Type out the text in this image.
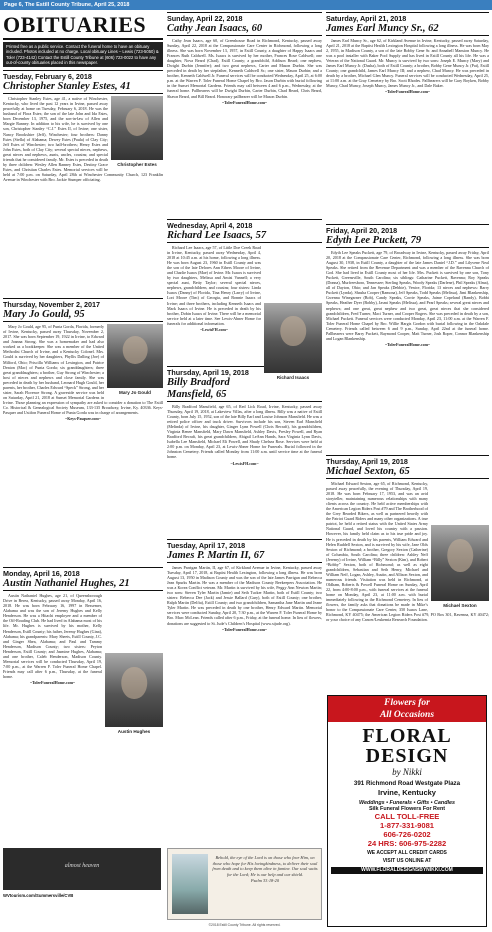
Page 6, The Estill County Tribune, April 25, 2018
OBITUARIES
Printed free as a public service. Contact the funeral home to have an obituary included. Photos included at no charge. Local obituary Lines – Lewis (723-5050) & Toler (723-4142) Contact the Estill County Tribune at (606) 723-0022 to have any out-of-county obituaries placed in this newspaper.
Tuesday, February 6, 2018
Christopher Stanley Estes, 41
Christopher Estes

Christopher Stanley Estes, age 41, a native of Winchester, Kentucky, who lived the past 12 years in Irvine, passed away peacefully at home on Tuesday, February 6, 2018. He was the husband of Flora Estes; the son of the late John and Ida Estes, born December 13, 1975, and the son-in-law of Allen and Margie Ranney. In addition to his wife, he is survived by one son, Christopher Stanley “C.J.” Estes II, of Irvine; one sister, Nancy Brookshire (Jeff), Winchester; four brothers: Danny Estes (Stella) of Alabama; Dewey Estes (Paula) of Clay City; Jeff Estes of Winchester; two half-brothers; Henry Estes and John Estes, both of Clay City; several special nieces, nephews, great nieces and nephews, aunts, uncles, cousins; and special friends that he considered family. Mr. Estes is preceded in death by three children: Wesley Allen Ranney Estes, Destiny Grace Estes, and Christian Charles Estes. Memorial services will be held at 7:00 p.m. on Saturday, April 28th at Winchester Community Church, 123 Franklin Avenue in Winchester with Bro. Jackie Stumper officiating.

Thursday, November 2, 2017
Mary Jo Gould, 95
Mary Jo Gould

Mary Jo Gould, age 95, of Punta Gorda, Florida, formerly of Irvine, Kentucky, passed away Thursday, November 2, 2017. She was born September 19, 1922 in Irvine, to Edward and Joanna Strong. She was a homemaker and had also worked as a bookkeeper. She was a member of the United Methodist Church of Irvine, and a Kentucky Colonel. Mrs. Gould is survived by her daughters, Phyllis Dalling (Joe) of Milford, Ohio; Priscilla Williams of Lexington, and Patrice Deaton (Mac) of Punta Gorda; six granddaughters; three great granddaughters; a brother, Guy Strong of Winchester; a host of nieces and nephews and close family. She was preceded in death by her husband, Leonard Hugh Gould, her parents, her brother, Charles Edward “Speck” Strong, and her sister, Sarah Florence Strong. A graveside service was held on Saturday, April 21, 2018 at Sunset Memorial Gardens in Irvine. Those planning an expression of sympathy are asked to consider a donation to The Estill Co. Historical & Genealogical Society Museum, 133-135 Broadway, Irvine, Ky. 40336. Keys-Pasquer and Ustifon Funeral Home of Punta Gorda was in charge of arrangements.

~Keys-Pasquer.com~
Monday, April 16, 2018
Austin Nathaniel Hughes, 21
Austin Hughes

Austin Nathaniel Hughes, age 21, of Queensborough Drive in Berea, Kentucky, passed away Monday, April 16, 2018. He was born February 16, 1997 in Bessemer, Alabama and was the son of Jeremy Hughes and Kelly Henderson. He was a Hitachi employee and a member of the Off-Roading Club. He had lived in Alabama most of his life. Mr. Hughes is survived by his mother, Kelly Henderson, Estill County; his father, Jeremy Hughes (Gina), Alabama; his grandparents: Mary Sheets, Estill County, J.C. and Ginger Shea, Alabama; and Paul and Tammy Henderson, Madison County; two sisters: Peyton Henderson, Estill County; and Jasmine Hughes, Alabama; and one brother, Caleb Henderson, Madison County. Memorial services will be conducted Thursday, April 19, 7:00 p.m., at the Warren F. Toler Funeral Home Chapel. Friends may call after 6 p.m., Thursday, at the funeral home.

~TolerFuneralHome.com~
almost heaven
WVtourism.com/Summersville/CVB
Sunday, April 22, 2018
Cathy Jean Isaacs, 60

Cathy Jean Isaacs, age 60, of Greenhouse Road in Richmond, Kentucky, passed away Sunday, April 22, 2018 at the Compassionate Care Center in Richmond, following a long illness. She was born November 13, 1957, in Estill County, a daughter of Happy Isaacs and Frances Ruth Caldwell. Ms. Isaacs is survived by her mother, Frances Rose Caldwell; one daughter, Nova Beard (Chad), Estill County; a grandchild, Addison Beard; one nephew, Dwight Durbin (Jennifer); and two great nephews, Carter and Mason Durbin. She was preceded in death by her stepfather, Kenneth Caldwell Sr.; one sister, Mason Durbin; and a brother, Kenneth Caldwell Jr. Funeral services will be conducted Wednesday, April 25, at 6:00 p.m. at the Warren F. Toler Funeral Home Chapel by Bro. Jason Durbin with burial following in the Sunset Memorial Gardens. Friends may call between 4 and 6 p.m., Wednesday, at the funeral home. Pallbearers will be Dwight Durbin, Carter Durbin, Chad Beard, Chris Beard, Shawn Beard, and Bill Beard. Honorary pallbearer will be Mason Durbin.

~TolerFuneralHome.com~
Wednesday, April 4, 2018
Richard Lee Isaacs, 57
Richard Isaacs

Richard Lee Isaacs, age 57, of Little Doe Creek Road in Irvine, Kentucky, passed away Wednesday, April 4, 2018 at 10:45 a.m. at his home, following a long illness. He was born August 23, 1960 in Estill County and was the son of the late Delores Ann Ethers Moore of Irvine, and Charlie Isaacs (Mae) of Irvine. Mr. Isaacs is survived by two daughters, Melissa and Amisi Vannell; a very special aunt, Betty Taylor; several special nieces, nephews, grandchildren, and cousins; four sisters: Linda Isaacs (Danny) of Florida, Tina Henry (Larry) of Irvine, Lori Moore (Tim) of Georgia, and Bonnie Isaacs of Irvine; and three brothers, including Kenneth Isaacs and Mark Isaacs of Irvine. He is preceded in death by his brother, Dobin Isaacs of Irvine. There will be a memorial service held at a later time. See Lewis-Abner Home for funerals for additional information.

~LewisFH.com~
Thursday, April 19, 2018
Billy Bradford Mansfield, 65

Billy Bradford Mansfield, age 65, of Red Lick Road, Irvine, Kentucky, passed away Thursday, April 19, 2018, at Lakeview Villas, after a long illness. Billy was a native of Estill County, born July 15, 1952, son of the late Billy Earl and Louise Johnson Mansfield. He was a retired police officer and truck driver. Survivors include his son, Steven Earl Mansfield (Melinda) of Irvine, his daughter, Ginger Lynn Powell (Chris Becraft), his grandchildren, Virginia Renee Mansfield, Mary Dawn Mansfield, Ashley Davis, Presley Powell, and Ryan Bradford Becraft, his great grandchildren, Abigail LeAnn Hands, Sara Virginia Lynn Davis, Isabella Lee Mansfield, Michael Eli Powell, and Shady Chelsea Rose. Services were held at 2:00 p.m. on Monday, April 23, at Lewis-Abner Home for Funerals. Burial followed in the Johnston Cemetery. Friends called Monday from 11:00 a.m. until service time at the funeral home.

~LewisFH.com~
Tuesday, April 17, 2018
James P. Martin II, 67

James Parrigan Martin, II, age 67, of Kirkland Avenue in Irvine, Kentucky, passed away Tuesday, April 17, 2018, at Baptist Health Lexington, following a long illness. He was born August 13, 1950 in Madison County and was the son of the late James Parrigan and Rebecca Jean Spurks Martin. He was a member of the Madison County Beekeepers Association. He was a Korea Conflict veteran. Mr. Martin is survived by his wife, Peggy Ann Newton Martin; two sons: Steven Tyler Martin (Jamie) and Seth Tucker Martin, both of Estill County; two sisters: Rebecca Dee (Jack) and Jessie Ballard (Gary), both of Estill County; one brother, Ralph Martin (Delfia), Estill County; and two grandchildren, Samantha Jane Martin and Jeane Tyler Martin. He was preceded in death by one brother, Henry Edward Martin. Memorial services were conducted Sunday, April 20, 7:30 p.m., at the Warren F. Toler Funeral Home by Bro. Marc McLean. Friends called after 6 p.m., Friday, at the funeral home. In lieu of flowers, donations are suggested to St. Jude’s Children’s Hospital (www.stjude.org).

~TolerFuneralHome.com~
Behold, the eye of the Lord is on those who fear Him, on those who hope for His lovingkindness, to deliver their soul from death and to keep them alive in famine. Our soul waits for the Lord; He is our help and our shield.
Psalm 33:18-20
©2018 Estill County Tribune. All rights reserved.
Saturday, April 21, 2018
James Earl Muncy Sr., 62

James Earl Muncy Sr., age 62, of Kirkland Avenue in Irvine, Kentucky, passed away Saturday, April 21, 2018 at the Baptist Health Lexington Hospital following a long illness. He was born May 2, 1955, in Madison County, a son of the late Bobby Gene Sr. and Annabell Mansion Muncy. He was a pool installer with Baker Pool Supply and has lived in Estill County all his life. He was a Veteran of the National Guard. Mr. Muncy is survived by two sons: Joseph E. Muncy (Mary) and James Earl Muncy Jr. (Dasha), both of Estill County; a brother, Bobby Gene Muncy Jr. (Pat), Estill County; one grandchild, James Earl Muncy III; and a nephew, Chad Muncy. He was preceded in death by a brother, Michael Glen Muncy. Funeral services will be conducted Wednesday, April 25, at 11:00 a.m. at the Gray Cemetery by Bro. Scott Rhodes. Pallbearers will be Gary Boyken, Bobby Muncy, Chad Muncy, Joseph Muncy, James Muncy Jr., and Dale Baker.

~TolerFuneralHome.com~
Friday, April 20, 2018
Edyth Lee Puckett, 79

Edyth Lee Speaks Puckett, age 79, of Broadway in Irvine, Kentucky, passed away Friday, April 20, 2018 at the Compassionate Care Center, Richmond, following a long illness. She was born August 30, 1938, in Estill County, a daughter of the late James Daniel “J.D.” and Lilyvene Neal Speaks. She retired from the Revenue Department and was a member of the Ravenna Church of God. She had lived in Estill County most of her life. Mrs. Puckett is survived by one son, Tony Puckett, Greensville, South Carolina; six siblings: Catharine Puckett, Ravenna; Roy Speaks (Donna), Murfreesboro, Tennessee; Sterling Speaks, Woody Speaks (Darlene), Phil Speaks (Alma), all of Dayton, Ohio; and Jan Speaks (Debbie), Venice, Florida; 13 nieces and nephews: Barry Puckett (Lynda), Shasha Cooper (Ramona), Jeff Speaks, Todd Speaks (Melissa), Jimi Blankenship, Gwenna Winegarner (Bob), Candy Speaks, Corrie Speaks, Jaime Copeland (Randy), Bobbi Speaks, Heather Dyer (Bobby), Jasmi Speaks (Melissa), and Pearl Speaks; several great nieces and nephews; and one great, great nephew and two great, great nieces that she considered grandchildren, Fred Turner, Maci Turner, and Cooper Rogers. She was preceded in death by a son, Michael Puckett. Funeral services were conducted Monday, April 23, 11:00 a.m. at the Warren F. Toler Funeral Home Chapel by Bro. Willie Hargis Gordon with burial following in the Oakdale Cemetery. Friends called between 6 and 9 p.m., Sunday, April 22nd at the funeral home. Pallbearers were Barry Puckett, Raymond Cooper, Matt Turner, Josh Roper, Connor Blankenship and Logan Blankenship.

~TolerFuneralHome.com~
Thursday, April 19, 2018
Michael Sexton, 65
Michael Sexton

Michael Edward Sexton, age 65, of Richmond, Kentucky, passed away peacefully, the evening of Thursday, April 19, 2018. He was born February 17, 1953, and was an avid storyteller, maintaining numerous relationships with many clients across the country. He held active memberships with the American Legion Riders Post #79 and The Brotherhood of the Grey Bearded Bikers, as well as partnered heavily with the Patriot Guard Riders and many other organizations. A true patriot, he held a retired status with the United States Army National Guard, and loved his country with a passion. However, his family held claim as to his true pride and joy. He is preceded in death by his parents, William Edward and Helen Ruddell Sexton, and is survived by his wife, Jane Olds Sexton of Richmond; a brother, Gregory Sexton (Catherine) of Columbia, South Carolina; three children: Ashley Neff (Jeremy) of Irvine, William “Billy” Sexton (Kim), and Robert “Bobby” Sexton, both of Richmond; as well as eight grandchildren, Sebastian and Seth Henry, Michael and William Neff, Logan, Ashley, Austin, and Allison Sexton, and numerous friends. Visitation was held in Richmond, at Oldham, Roberts & Powell Funeral Home on Sunday, April 22, from 4:00-8:00 p.m., with funeral services at the funeral home on Monday, April 23, at 11:00 a.m. with burial immediately following in the Richmond Cemetery. In lieu of flowers, the family asks that donations be made in Mike’s honor to the Compassionate Care Center, 350 Isaacs Lane, Richmond, KY 40475; the American Legion Riders Post #79, PO Box 301, Ravenna, KY 40472; or your choice of any Cancer/Leukemia Research Foundation.

Flowers for
All Occasions
FLORAL DESIGN
by Nikki
391 Richmond Road Westgate Plaza
Irvine, Kentucky
Weddings • Funerals • Gifts • Candles
Silk Funeral Flowers For Rent
CALL TOLL-FREE
1-877-331-9081
606-726-0202
24 HRS: 606-975-2282
WE ACCEPT ALL CREDIT CARDS
VISIT US ONLINE AT
WWW.FLORALDESIGNSBYNIKKI.COM
